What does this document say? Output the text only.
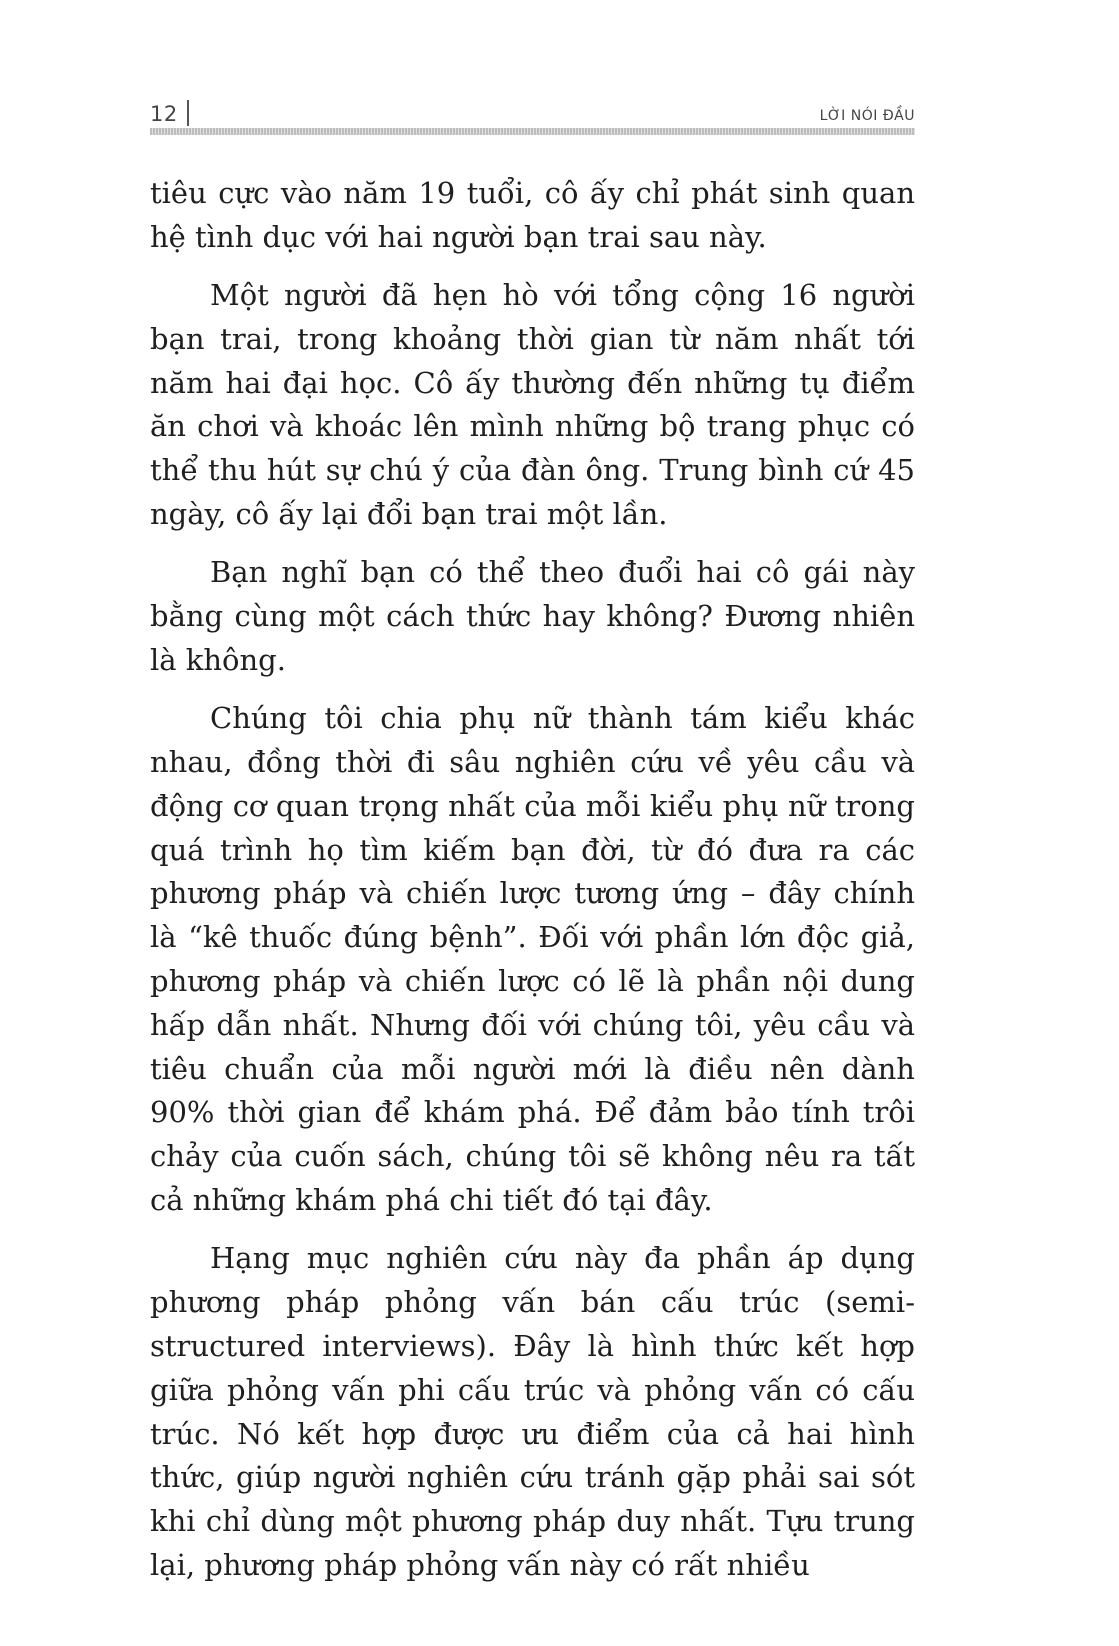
12	LỜI NÓI ĐẦU

tiêu cực vào năm 19 tuổi, cô ấy chỉ phát sinh quan hệ tình dục với hai người bạn trai sau này.

Một người đã hẹn hò với tổng cộng 16 người bạn trai, trong khoảng thời gian từ năm nhất tới năm hai đại học. Cô ấy thường đến những tụ điểm ăn chơi và khoác lên mình những bộ trang phục có thể thu hút sự chú ý của đàn ông. Trung bình cứ 45 ngày, cô ấy lại đổi bạn trai một lần.

Bạn nghĩ bạn có thể theo đuổi hai cô gái này bằng cùng một cách thức hay không? Đương nhiên là không.

Chúng tôi chia phụ nữ thành tám kiểu khác nhau, đồng thời đi sâu nghiên cứu về yêu cầu và động cơ quan trọng nhất của mỗi kiểu phụ nữ trong quá trình họ tìm kiếm bạn đời, từ đó đưa ra các phương pháp và chiến lược tương ứng – đây chính là “kê thuốc đúng bệnh”. Đối với phần lớn độc giả, phương pháp và chiến lược có lẽ là phần nội dung hấp dẫn nhất. Nhưng đối với chúng tôi, yêu cầu và tiêu chuẩn của mỗi người mới là điều nên dành 90% thời gian để khám phá. Để đảm bảo tính trôi chảy của cuốn sách, chúng tôi sẽ không nêu ra tất cả những khám phá chi tiết đó tại đây.

Hạng mục nghiên cứu này đa phần áp dụng phương pháp phỏng vấn bán cấu trúc (semi-structured interviews). Đây là hình thức kết hợp giữa phỏng vấn phi cấu trúc và phỏng vấn có cấu trúc. Nó kết hợp được ưu điểm của cả hai hình thức, giúp người nghiên cứu tránh gặp phải sai sót khi chỉ dùng một phương pháp duy nhất. Tựu trung lại, phương pháp phỏng vấn này có rất nhiều
